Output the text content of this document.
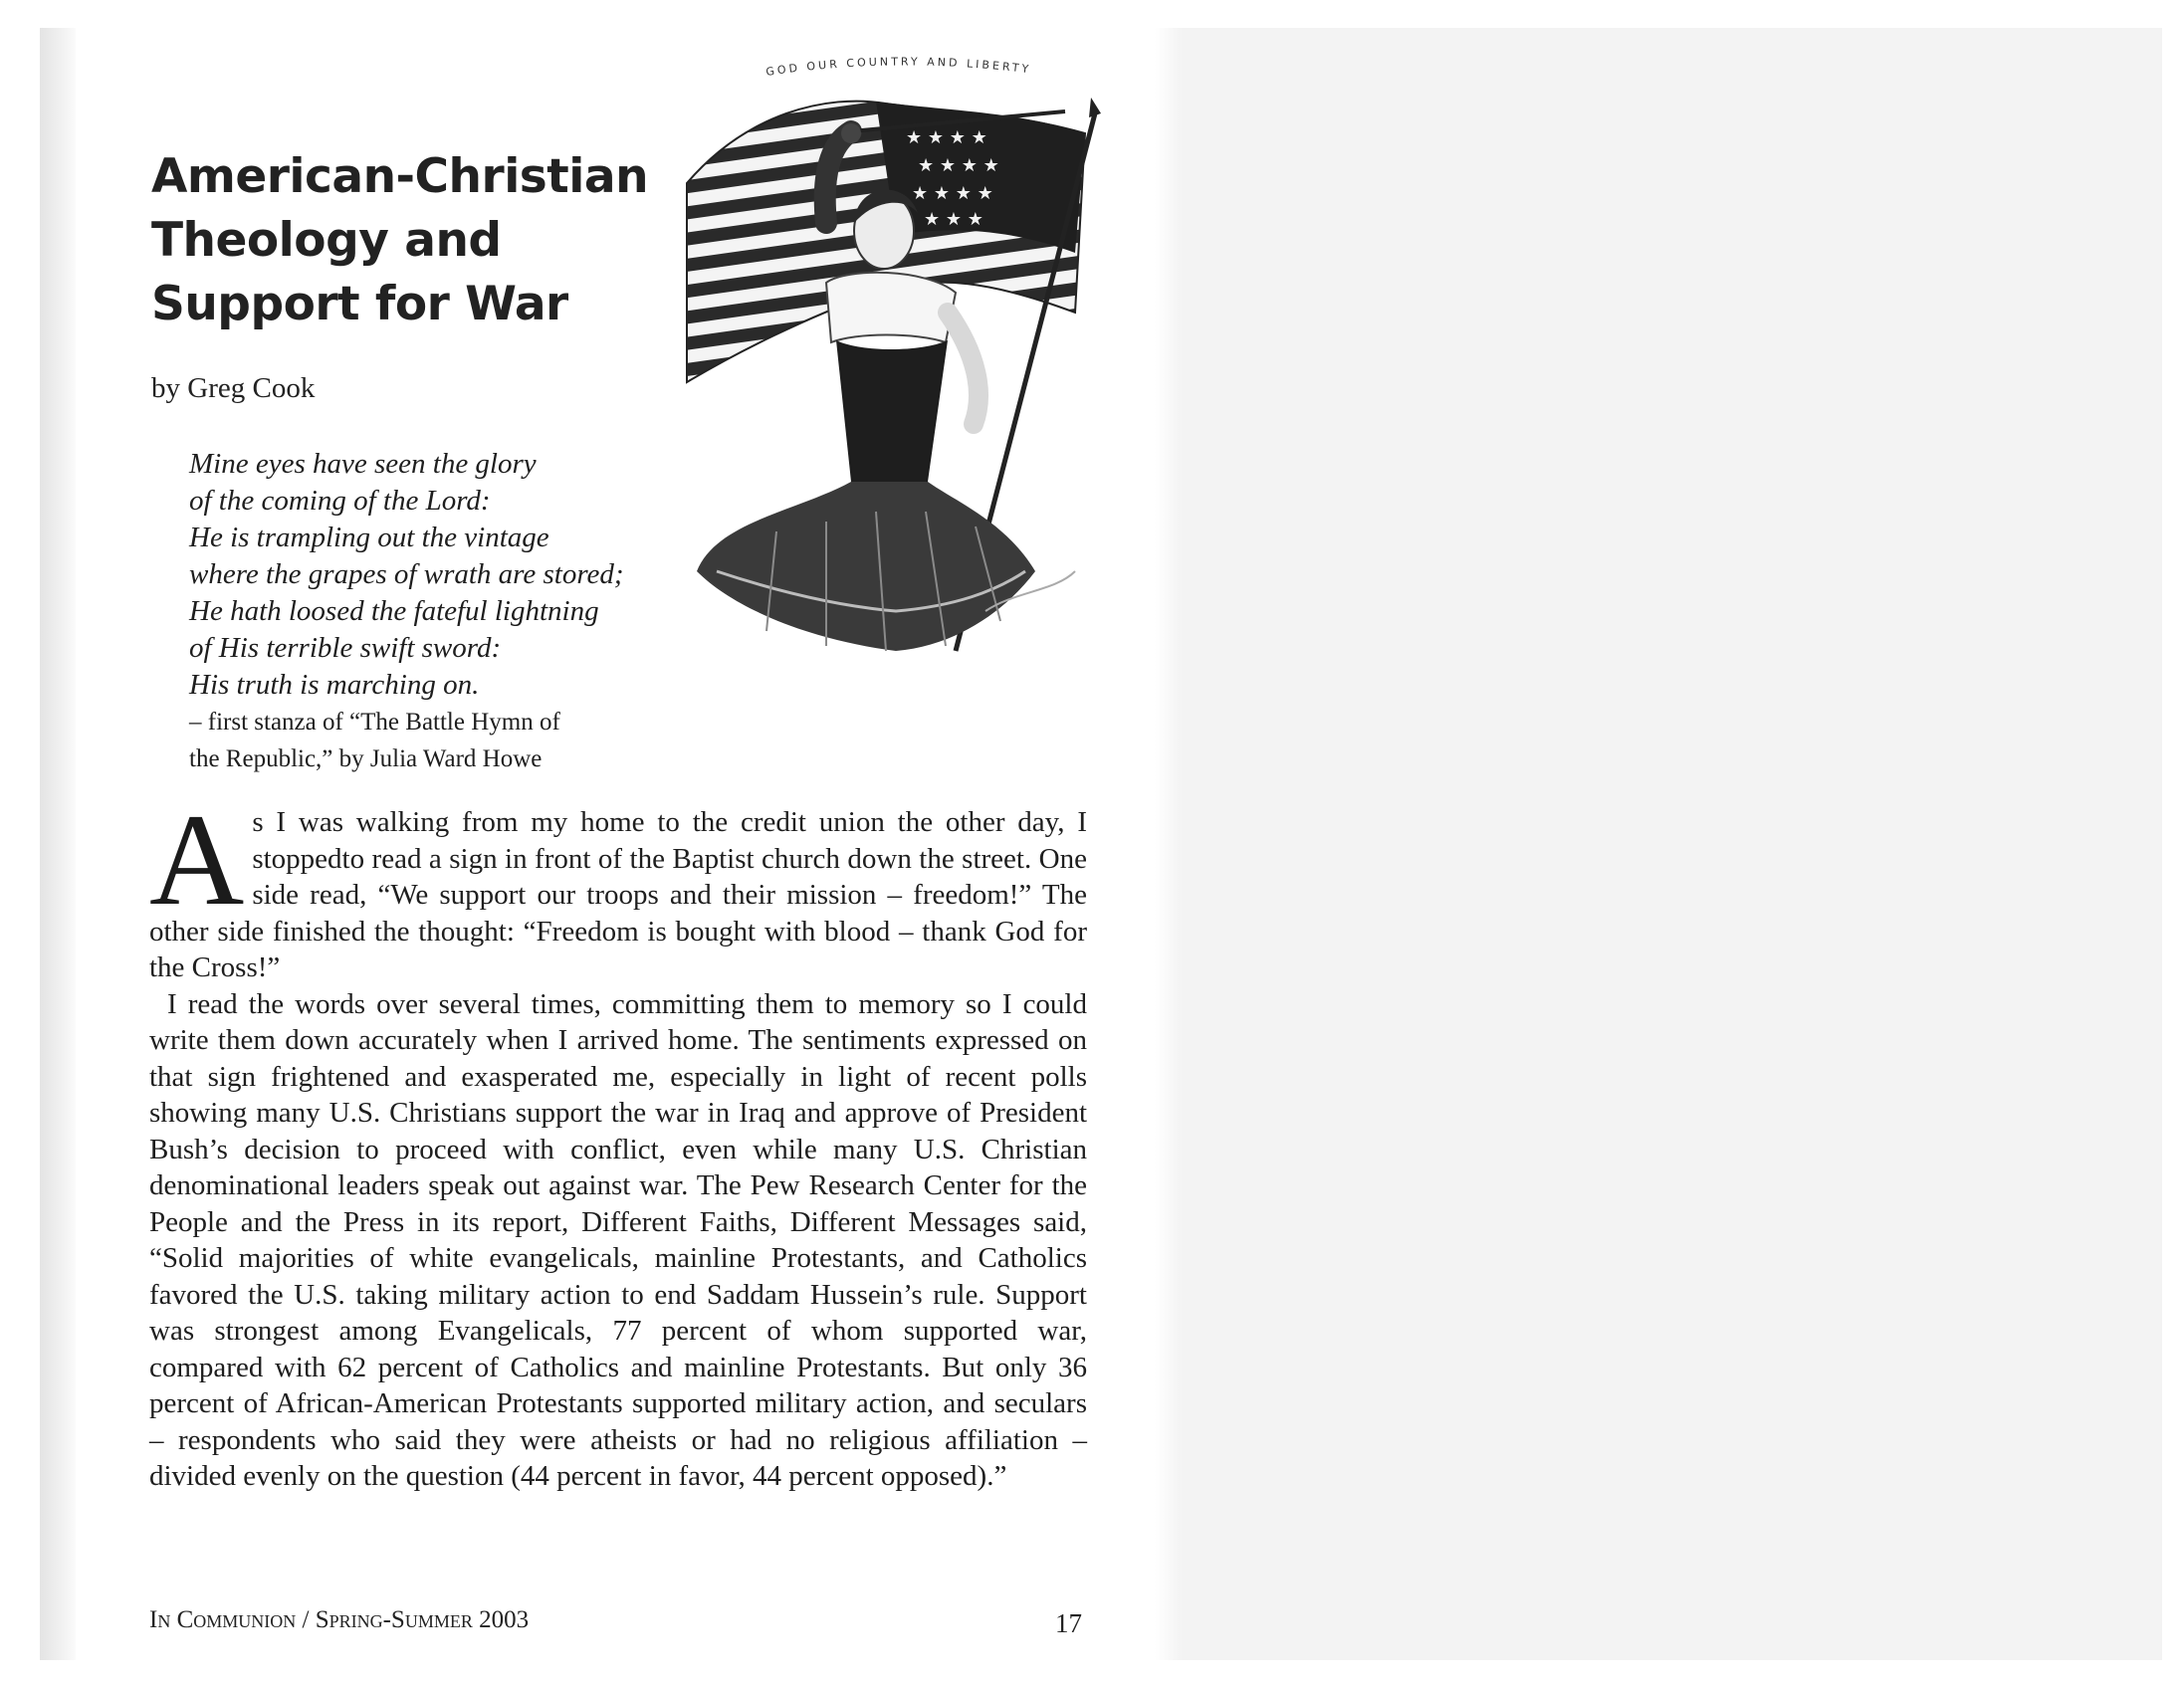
American-Christian
Theology and
Support for War
by Greg Cook
Mine eyes have seen the glory
of the coming of the Lord:
He is trampling out the vintage
where the grapes of wrath are stored;
He hath loosed the fateful lightning
of His terrible swift sword:
His truth is marching on.
– first stanza of “The Battle Hymn of
the Republic,” by Julia Ward Howe
GOD OUR COUNTRY AND LIBERTY
★ ★ ★ ★
★ ★ ★ ★
★ ★ ★ ★
★ ★ ★

As I was walking from my home to the credit union the other day, I stoppedto read a sign in front of the Baptist church down the street. One side read, “We support our troops and their mission – freedom!” The other side finished the thought: “Freedom is bought with blood – thank God for the Cross!”

I read the words over several times, committing them to memory so I could write them down accurately when I arrived home. The sentiments expressed on that sign frightened and exasperated me, especially in light of recent polls showing many U.S. Christians support the war in Iraq and approve of President Bush’s decision to proceed with conflict, even while many U.S. Christian denominational leaders speak out against war. The Pew Research Center for the People and the Press in its report, Different Faiths, Different Messages said, “Solid majorities of white evangelicals, mainline Protestants, and Catholics favored the U.S. taking military action to end Saddam Hussein’s rule. Support was strongest among Evangelicals, 77 percent of whom supported war, compared with 62 percent of Catholics and mainline Protestants. But only 36 percent of African-American Protestants supported military action, and seculars – respondents who said they were atheists or had no religious affiliation – divided evenly on the question (44 percent in favor, 44 percent opposed).”

In Communion / Spring-Summer 2003	17
